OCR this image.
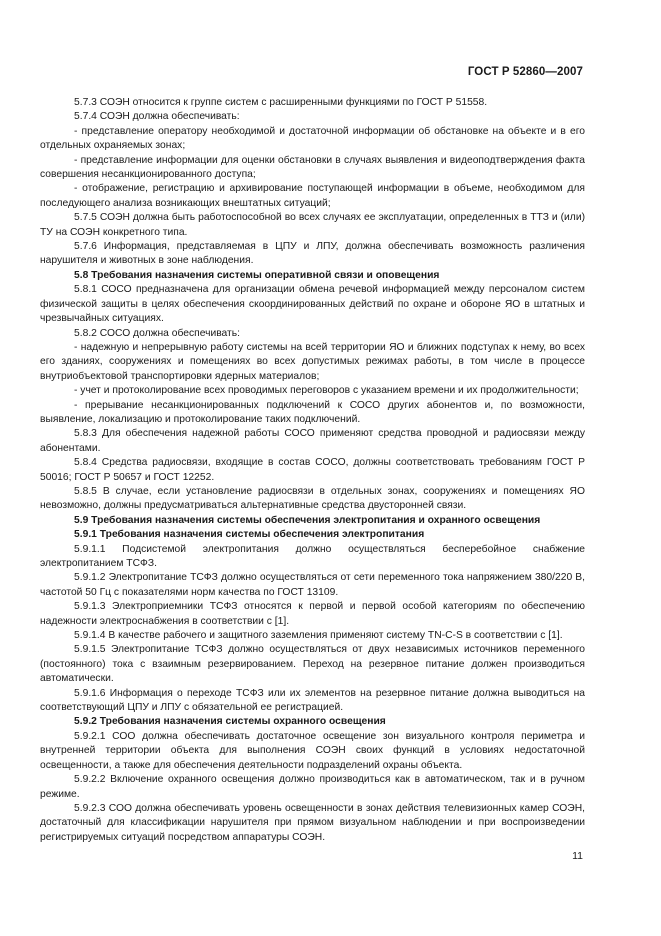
ГОСТ Р 52860—2007

5.7.3 СОЭН относится к группе систем с расширенными функциями по ГОСТ Р 51558.

5.7.4 СОЭН должна обеспечивать:

- представление оператору необходимой и достаточной информации об обстановке на объекте и в его отдельных охраняемых зонах;

- представление информации для оценки обстановки в случаях выявления и видеоподтверждения факта совершения несанкционированного доступа;

- отображение, регистрацию и архивирование поступающей информации в объеме, необходимом для последующего анализа возникающих внештатных ситуаций;

5.7.5 СОЭН должна быть работоспособной во всех случаях ее эксплуатации, определенных в ТТЗ и (или) ТУ на СОЭН конкретного типа.

5.7.6 Информация, представляемая в ЦПУ и ЛПУ, должна обеспечивать возможность различения нарушителя и животных в зоне наблюдения.

5.8 Требования назначения системы оперативной связи и оповещения

5.8.1 СОСО предназначена для организации обмена речевой информацией между персоналом систем физической защиты в целях обеспечения скоординированных действий по охране и обороне ЯО в штатных и чрезвычайных ситуациях.

5.8.2 СОСО должна обеспечивать:

- надежную и непрерывную работу системы на всей территории ЯО и ближних подступах к нему, во всех его зданиях, сооружениях и помещениях во всех допустимых режимах работы, в том числе в процессе внутриобъектовой транспортировки ядерных материалов;

- учет и протоколирование всех проводимых переговоров с указанием времени и их продолжительности;

- прерывание несанкционированных подключений к СОСО других абонентов и, по возможности, выявление, локализацию и протоколирование таких подключений.

5.8.3 Для обеспечения надежной работы СОСО применяют средства проводной и радиосвязи между абонентами.

5.8.4 Средства радиосвязи, входящие в состав СОСО, должны соответствовать требованиям ГОСТ Р 50016; ГОСТ Р 50657 и ГОСТ 12252.

5.8.5 В случае, если установление радиосвязи в отдельных зонах, сооружениях и помещениях ЯО невозможно, должны предусматриваться альтернативные средства двусторонней связи.

5.9 Требования назначения системы обеспечения электропитания и охранного освещения

5.9.1 Требования назначения системы обеспечения электропитания

5.9.1.1 Подсистемой электропитания должно осуществляться бесперебойное снабжение электропитанием ТСФЗ.

5.9.1.2 Электропитание ТСФЗ должно осуществляться от сети переменного тока напряжением 380/220 В, частотой 50 Гц с показателями норм качества по ГОСТ 13109.

5.9.1.3 Электроприемники ТСФЗ относятся к первой и первой особой категориям по обеспечению надежности электроснабжения в соответствии с [1].

5.9.1.4 В качестве рабочего и защитного заземления применяют систему TN-C-S в соответствии с [1].

5.9.1.5 Электропитание ТСФЗ должно осуществляться от двух независимых источников переменного (постоянного) тока с взаимным резервированием. Переход на резервное питание должен производиться автоматически.

5.9.1.6 Информация о переходе ТСФЗ или их элементов на резервное питание должна выводиться на соответствующий ЦПУ и ЛПУ с обязательной ее регистрацией.

5.9.2 Требования назначения системы охранного освещения

5.9.2.1 СОО должна обеспечивать достаточное освещение зон визуального контроля периметра и внутренней территории объекта для выполнения СОЭН своих функций в условиях недостаточной освещенности, а также для обеспечения деятельности подразделений охраны объекта.

5.9.2.2 Включение охранного освещения должно производиться как в автоматическом, так и в ручном режиме.

5.9.2.3 СОО должна обеспечивать уровень освещенности в зонах действия телевизионных камер СОЭН, достаточный для классификации нарушителя при прямом визуальном наблюдении и при воспроизведении регистрируемых ситуаций посредством аппаратуры СОЭН.

11
